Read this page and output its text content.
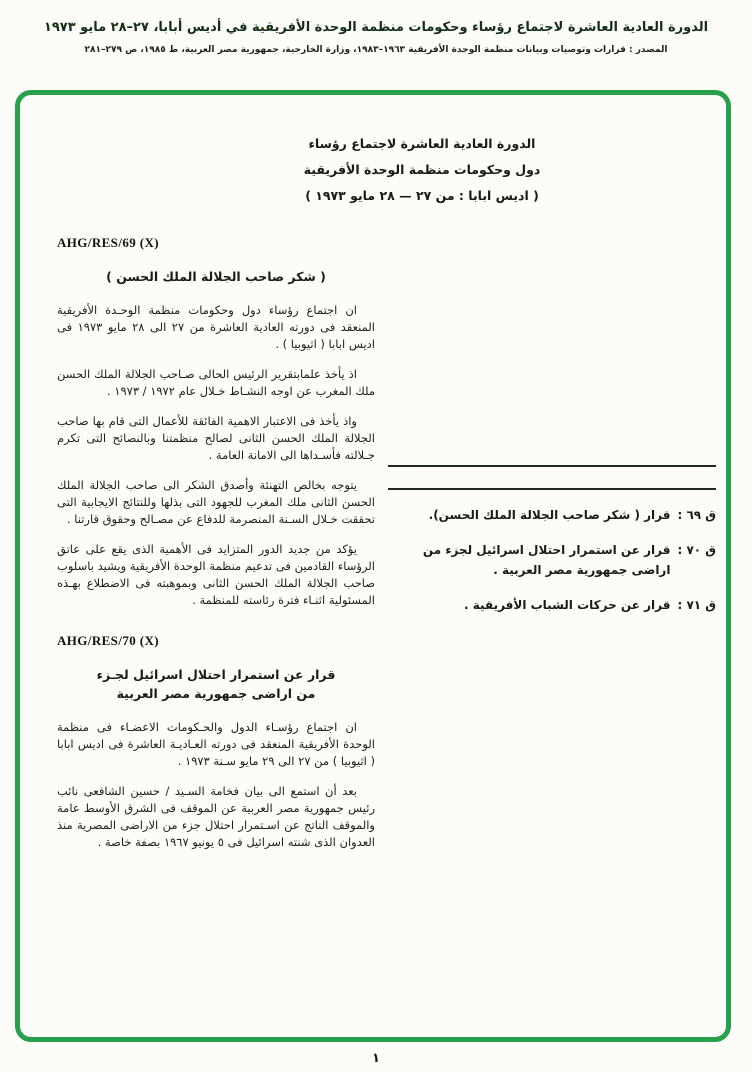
الدورة العادية العاشرة لاجتماع رؤساء وحكومات منظمة الوحدة الأفريقية في أديس أبابا، ٢٧–٢٨ مايو ١٩٧٣
المصدر : قرارات وتوصيات وبيانات منظمة الوحدة الأفريقية ١٩٦٣–١٩٨٣، وزارة الخارجية، جمهورية مصر العربية، ط ١٩٨٥، ص ٢٧٩–٢٨١
الدورة العادية العاشرة لاجتماع رؤساء
دول وحكومات منظمة الوحدة الأفريقية
( اديس ابابا : من ٢٧ — ٢٨ مايو ١٩٧٣ )
AHG/RES/69 (X)
( شكر صاحب الجلالة الملك الحسن )

ان اجتماع رؤساء دول وحكومات منظمة الوحـدة الأفريقية المنعقد فى دورته العادية العاشرة من ٢٧ الى ٢٨ مايو ١٩٧٣ فى اديس ابابا ( اثيوبيا ) .

اذ يأخذ علمابتقرير الرئيس الحالى صـاحب الجلالة الملك الحسن ملك المغرب عن اوجه النشـاط خـلال عام ١٩٧٢ / ١٩٧٣ .

واذ يأخذ فى الاعتبار الاهمية الفائقة للأعمال التى قام بها صاحب الجلالة الملك الحسن الثانى لصالح منظمتنا وبالنصائح التى تكرم جـلالته فأسـداها الى الامانة العامة .

يتوجه بخالص التهنئة وأصدق الشكر الى صاحب الجلالة الملك الحسن الثانى ملك المغرب للجهود التى بذلها وللنتائج الايجابية التى تحققت خـلال السـنة المنصرمة للدفاع عن مصـالح وحقوق قارتنا .

يؤكد من جديد الدور المتزايد فى الأهمية الذى يقع على عاتق الرؤساء القادمين فى تدعيم منظمة الوحدة الأفريقية ويشيد باسلوب صاحب الجلالة الملك الحسن الثانى وبموهبته فى الاضطلاع بهـذه المسئولية اثنـاء فترة رئاسته للمنظمة .

AHG/RES/70 (X)
قرار عن استمرار احتلال اسرائيل لجـزء
من اراضى جمهورية مصر العربية

ان اجتماع رؤسـاء الدول والحـكومات الاعضـاء فى منظمة الوحدة الأفريقية المنعقد فى دورته العـاديـة العاشرة فى اديس ابابا ( اثيوبيا ) من ٢٧ الى ٢٩ مايو سـنة ١٩٧٣ .

بعد أن استمع الى بيان فخامة السـيد / حسين الشافعى نائب رئيس جمهورية مصر العربية عن الموقف فى الشرق الأوسط عامة والموقف الناتج عن اسـتمرار احتلال جزء من الاراضى المصرية منذ العدوان الذى شنته اسرائيل فى ٥ يونيو ١٩٦٧ بصفة خاصة .

ق ٦٩ :
قرار ( شكر صاحب الجلالة الملك الحسن).
ق ٧٠ :
قرار عن استمرار احتلال اسرائيل لجزء من اراضى جمهورية مصر العربية .
ق ٧١ :
قرار عن حركات الشباب الأفريقية .
١
